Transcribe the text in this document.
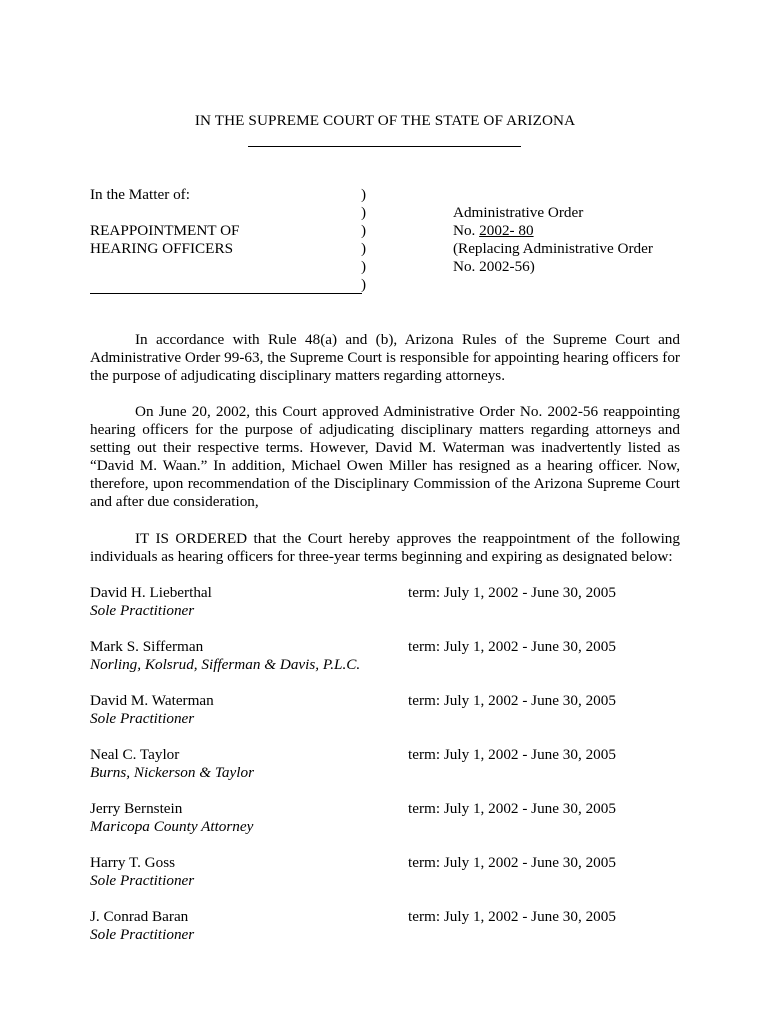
IN THE SUPREME COURT OF THE STATE OF ARIZONA
In the Matter of:
REAPPOINTMENT OF
HEARING OFFICERS
)
)
)
)
)
)
Administrative Order
No. 2002- 80
(Replacing Administrative Order
No. 2002-56)

In accordance with Rule 48(a) and (b), Arizona Rules of the Supreme Court and Administrative Order 99-63, the Supreme Court is responsible for appointing hearing officers for the purpose of adjudicating disciplinary matters regarding attorneys.

On June 20, 2002, this Court approved Administrative Order No. 2002-56 reappointing hearing officers for the purpose of adjudicating disciplinary matters regarding attorneys and setting out their respective terms. However, David M. Waterman was inadvertently listed as “David M. Waan.” In addition, Michael Owen Miller has resigned as a hearing officer. Now, therefore, upon recommendation of the Disciplinary Commission of the Arizona Supreme Court and after due consideration,

IT IS ORDERED that the Court hereby approves the reappointment of the following individuals as hearing officers for three-year terms beginning and expiring as designated below:

David H. Lieberthal
Sole Practitioner
term: July 1, 2002 - June 30, 2005
Mark S. Sifferman
Norling, Kolsrud, Sifferman & Davis, P.L.C.
term: July 1, 2002 - June 30, 2005
David M. Waterman
Sole Practitioner
term: July 1, 2002 - June 30, 2005
Neal C. Taylor
Burns, Nickerson & Taylor
term: July 1, 2002 - June 30, 2005
Jerry Bernstein
Maricopa County Attorney
term: July 1, 2002 - June 30, 2005
Harry T. Goss
Sole Practitioner
term: July 1, 2002 - June 30, 2005
J. Conrad Baran
Sole Practitioner
term: July 1, 2002 - June 30, 2005
